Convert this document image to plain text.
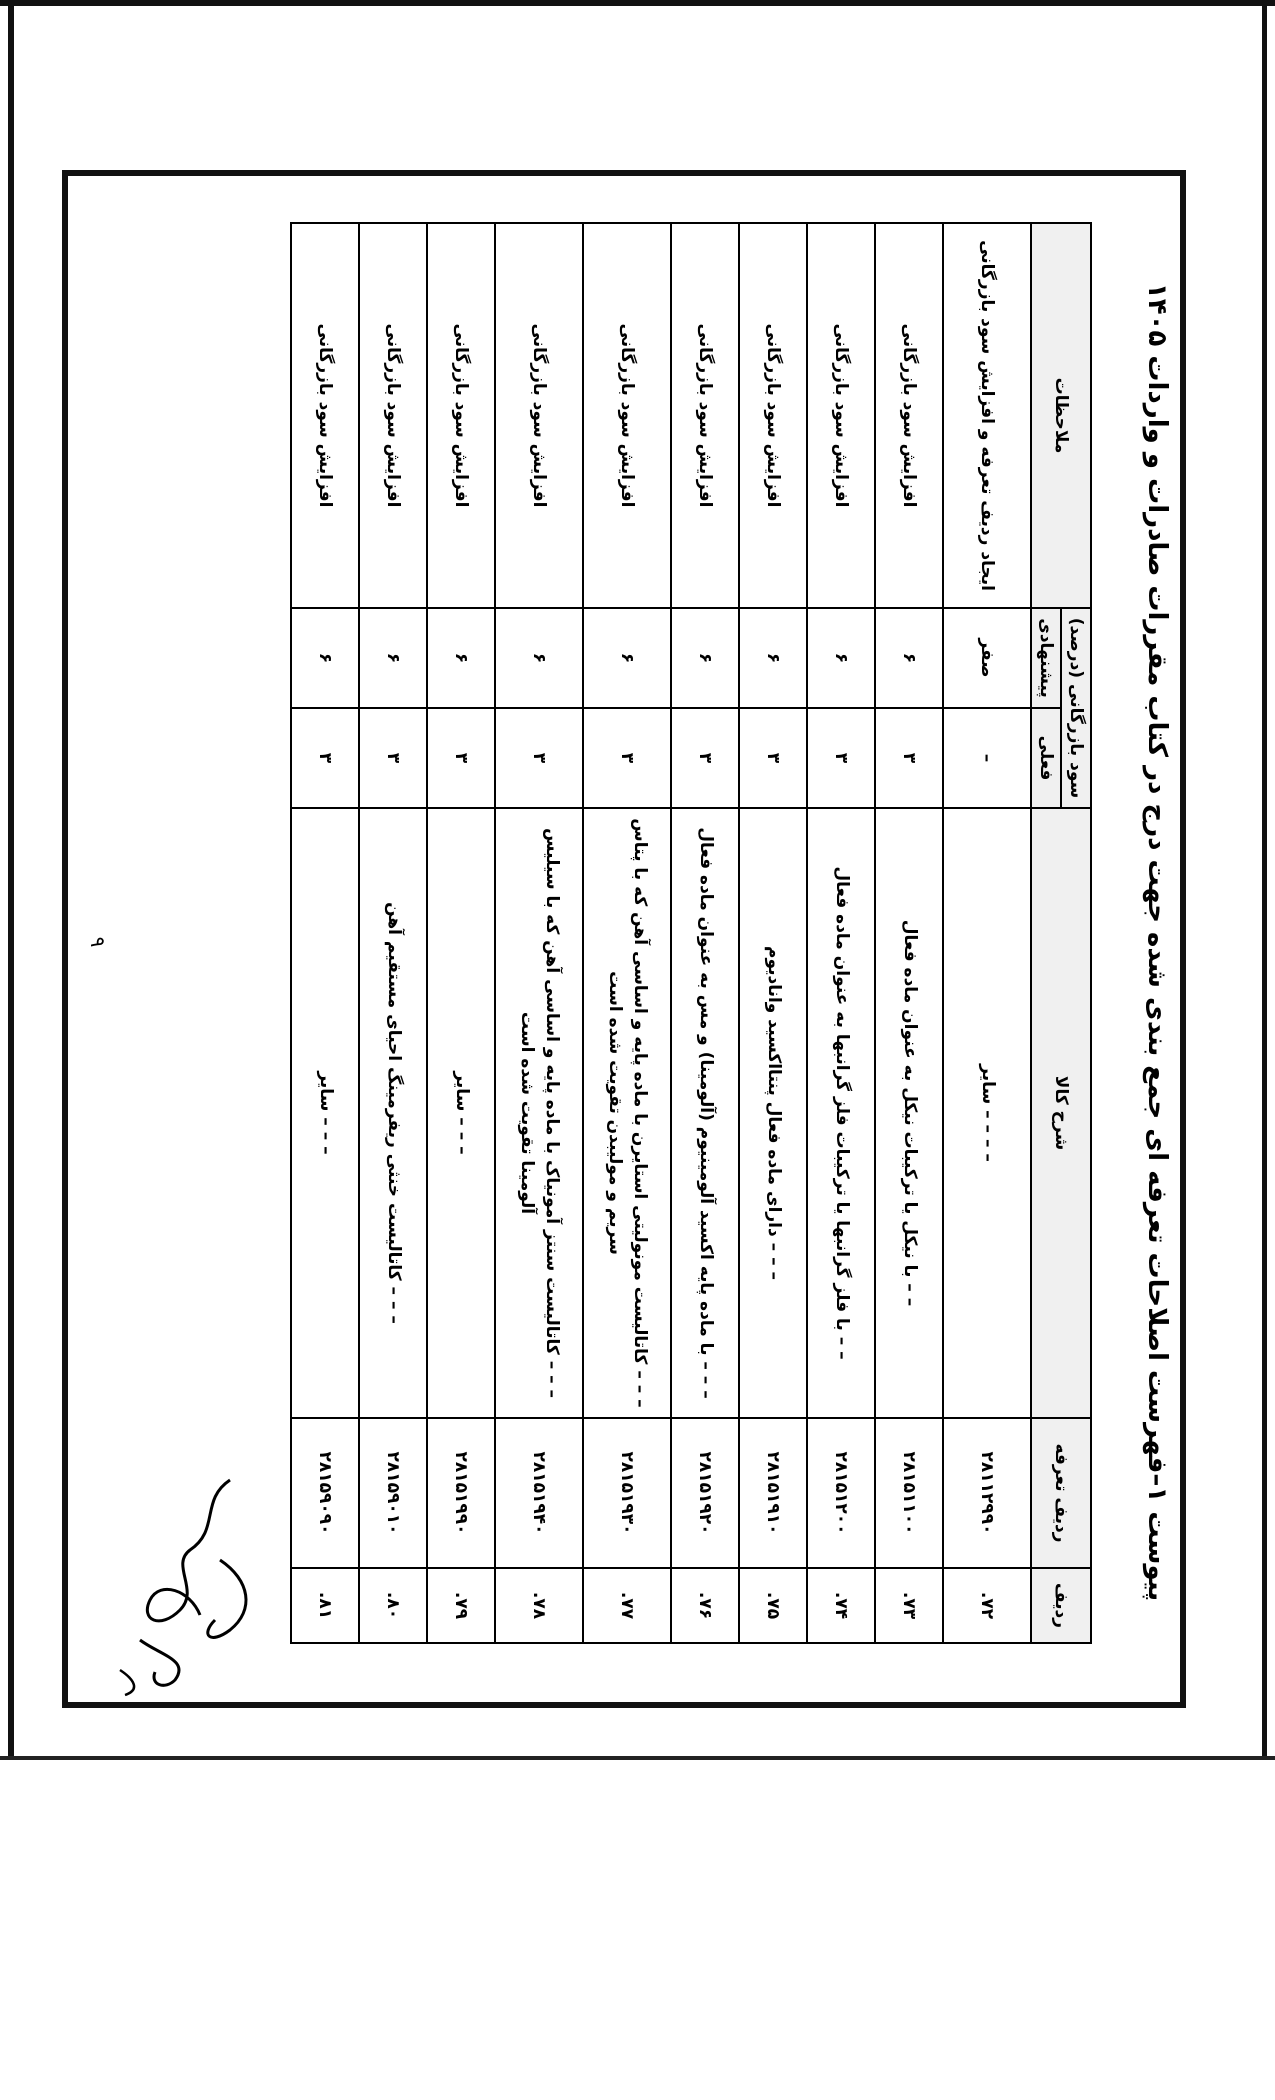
پیوست ۱–فهرست اصلاحات تعرفه ای جمع بندی شده جهت درج در کتاب مقررات صادرات و واردات ۱۴۰۵
ردیف	ردیف تعرفه	شرح کالا	سود بازرگانی (درصد)		ملاحظات
			فعلی	پیشنهادی	
۷۲.	۲۸۱۱۲۹۹۰	– – – – سایر	–	صفر	ایجاد ردیف تعرفه و افزایش سود بازرگانی
۷۳.	۲۸۱۵۱۱۰۰	– – با نیکل یا ترکیبات نیکل به عنوان ماده فعال	۳	۶	افزایش سود بازرگانی
۷۴.	۲۸۱۵۱۲۰۰	– – با فلز گرانبها یا ترکیبات فلز گرانبها به عنوان ماده فعال	۳	۶	افزایش سود بازرگانی
۷۵.	۲۸۱۵۱۹۱۰	– – – دارای ماده فعال پنتااکسید وانادیوم	۳	۶	افزایش سود بازرگانی
۷۶.	۲۸۱۵۱۹۲۰	– – – با ماده پایه اکسید آلومینیوم (آلومینا) و مس به عنوان ماده فعال	۳	۶	افزایش سود بازرگانی
۷۷.	۲۸۱۵۱۹۳۰	– – – کاتالیست مونولیتی استایرن با ماده پایه و اساسی آهن که با پتاس سریم و مولیبدن تقویت شده است	۳	۶	افزایش سود بازرگانی
۷۸.	۲۸۱۵۱۹۴۰	– – – کاتالیست سنتز آمونیاک با ماده پایه و اساسی آهن که با سیلیس آلومینا تقویت شده است	۳	۶	افزایش سود بازرگانی
۷۹.	۲۸۱۵۱۹۹۰	– – – سایر	۳	۶	افزایش سود بازرگانی
۸۰.	۲۸۱۵۹۰۱۰	– – – کاتالیست خنثی ریفرمینگ احیای مستقیم آهن	۳	۶	افزایش سود بازرگانی
۸۱.	۲۸۱۵۹۰۹۰	– – – سایر	۳	۶	افزایش سود بازرگانی
۹
